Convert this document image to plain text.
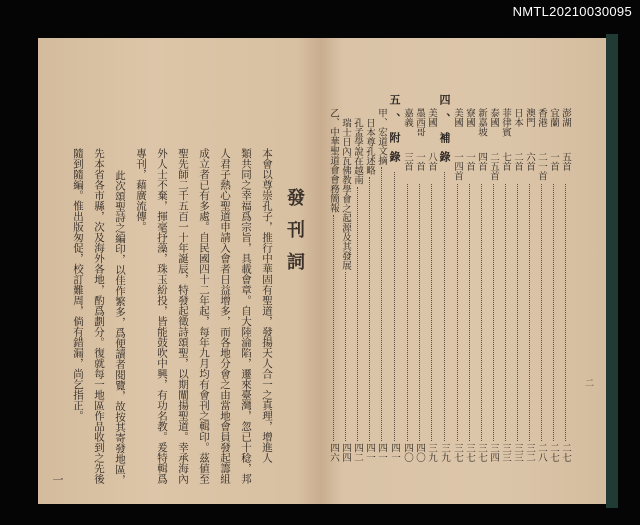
NMTL20210030095
發刊詞
本會以尊崇孔子，推行中華固有聖道，發揚天人合一之真理，增進人
類共同之幸福爲宗旨，具載會章。自大陸淪陷，遷來臺灣，忽已十稔，邦
人君子熱心聖道申請入會者日益增多，而各地分會之由當地會員發起籌組
成立者已有多處。自民國四十二年起，每年九月均有會刊之輯印。茲値至
聖先師二千五百一十年誕辰，特發起徵詩頌聖，以期闡揚聖道。幸承海內
外人士不棄，揮毫抒藻，珠玉紛投，皆能鼓吹中興，有功名教。爰特輯爲
專刊，藉廣流傳。
此次頌聖詩之編印，以佳作繁多，爲便讀者閱覽，故按其寄發地區，
先本省各市縣，次及海外各地，酌爲劃分。復就每一地區作品收到之先後
隨到隨編。惟出版匆促，校訂難周，倘有錯漏，尚乞指正。
一
二
澎湖
五首
二七
宜蘭
一首
二七
香港
二一首
二八
澳門
六首
三二
日本
二首
三三
菲律賓
七首
三三
泰國
二五首
三四
新嘉坡
四首
三七
寮國
一首
三七
美國
一四首
三七
四、補錄
三九
美國
八首
三九
墨西哥
一首
四〇
嘉義
三首
四〇
五、附錄
四一
甲、宏道文摘
四一
日本尊孔述略
四一
孔孟學說在越南
四二
瑞士日內瓦佛教學會之起源及其發展
四四
乙、中華聖道會會務簡報
四六
